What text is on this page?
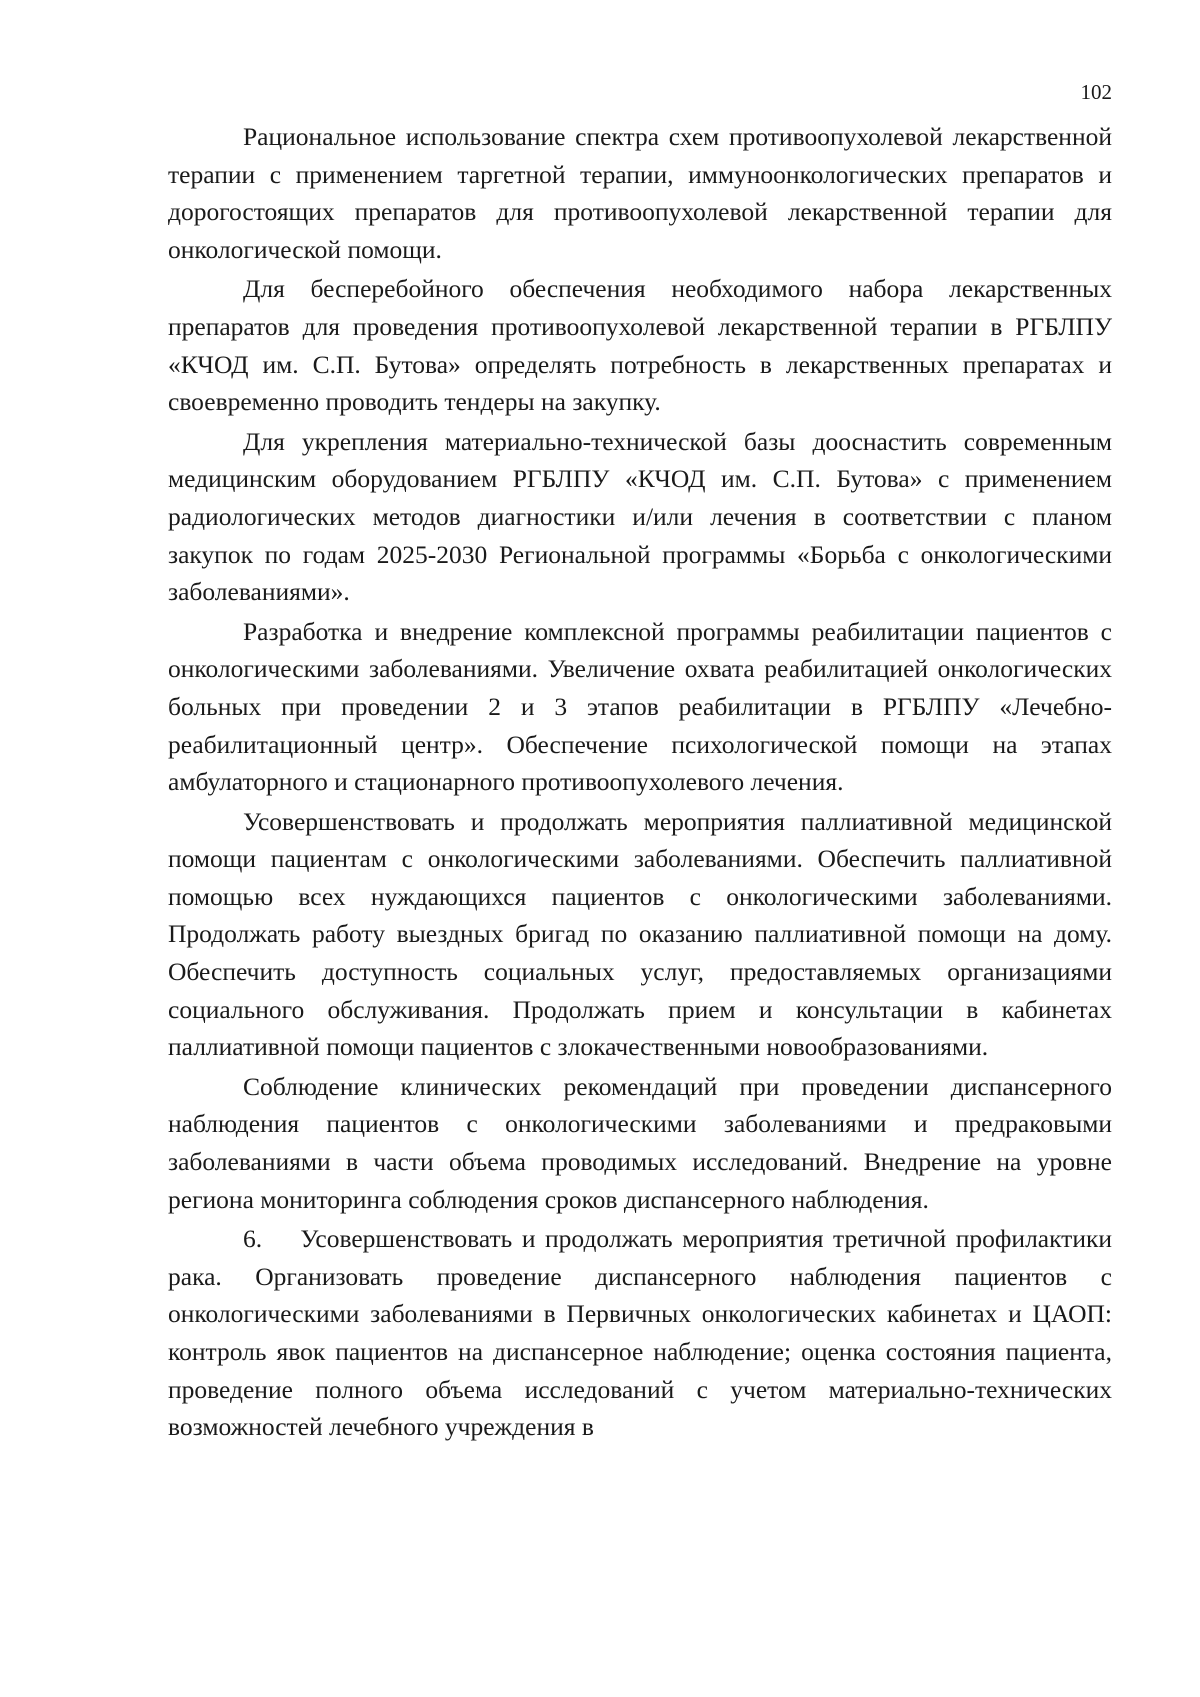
102

Рациональное использование спектра схем противоопухолевой лекарственной терапии с применением таргетной терапии, иммуноонкологических препаратов и дорогостоящих препаратов для противоопухолевой лекарственной терапии для онкологической помощи.

Для бесперебойного обеспечения необходимого набора лекарственных препаратов для проведения противоопухолевой лекарственной терапии в РГБЛПУ «КЧОД им. С.П. Бутова» определять потребность в лекарственных препаратах и своевременно проводить тендеры на закупку.

Для укрепления материально-технической базы дооснастить современным медицинским оборудованием РГБЛПУ «КЧОД им. С.П. Бутова» с применением радиологических методов диагностики и/или лечения в соответствии с планом закупок по годам 2025-2030 Региональной программы «Борьба с онкологическими заболеваниями».

Разработка и внедрение комплексной программы реабилитации пациентов с онкологическими заболеваниями. Увеличение охвата реабилитацией онкологических больных при проведении 2 и 3 этапов реабилитации в РГБЛПУ «Лечебно-реабилитационный центр». Обеспечение психологической помощи на этапах амбулаторного и стационарного противоопухолевого лечения.

Усовершенствовать и продолжать мероприятия паллиативной медицинской помощи пациентам с онкологическими заболеваниями. Обеспечить паллиативной помощью всех нуждающихся пациентов с онкологическими заболеваниями. Продолжать работу выездных бригад по оказанию паллиативной помощи на дому. Обеспечить доступность социальных услуг, предоставляемых организациями социального обслуживания. Продолжать прием и консультации в кабинетах паллиативной помощи пациентов с злокачественными новообразованиями.

Соблюдение клинических рекомендаций при проведении диспансерного наблюдения пациентов с онкологическими заболеваниями и предраковыми заболеваниями в части объема проводимых исследований. Внедрение на уровне региона мониторинга соблюдения сроков диспансерного наблюдения.

6.    Усовершенствовать и продолжать мероприятия третичной профилактики рака. Организовать проведение диспансерного наблюдения пациентов с онкологическими заболеваниями в Первичных онкологических кабинетах и ЦАОП: контроль явок пациентов на диспансерное наблюдение; оценка состояния пациента, проведение полного объема исследований с учетом материально-технических возможностей лечебного учреждения в
